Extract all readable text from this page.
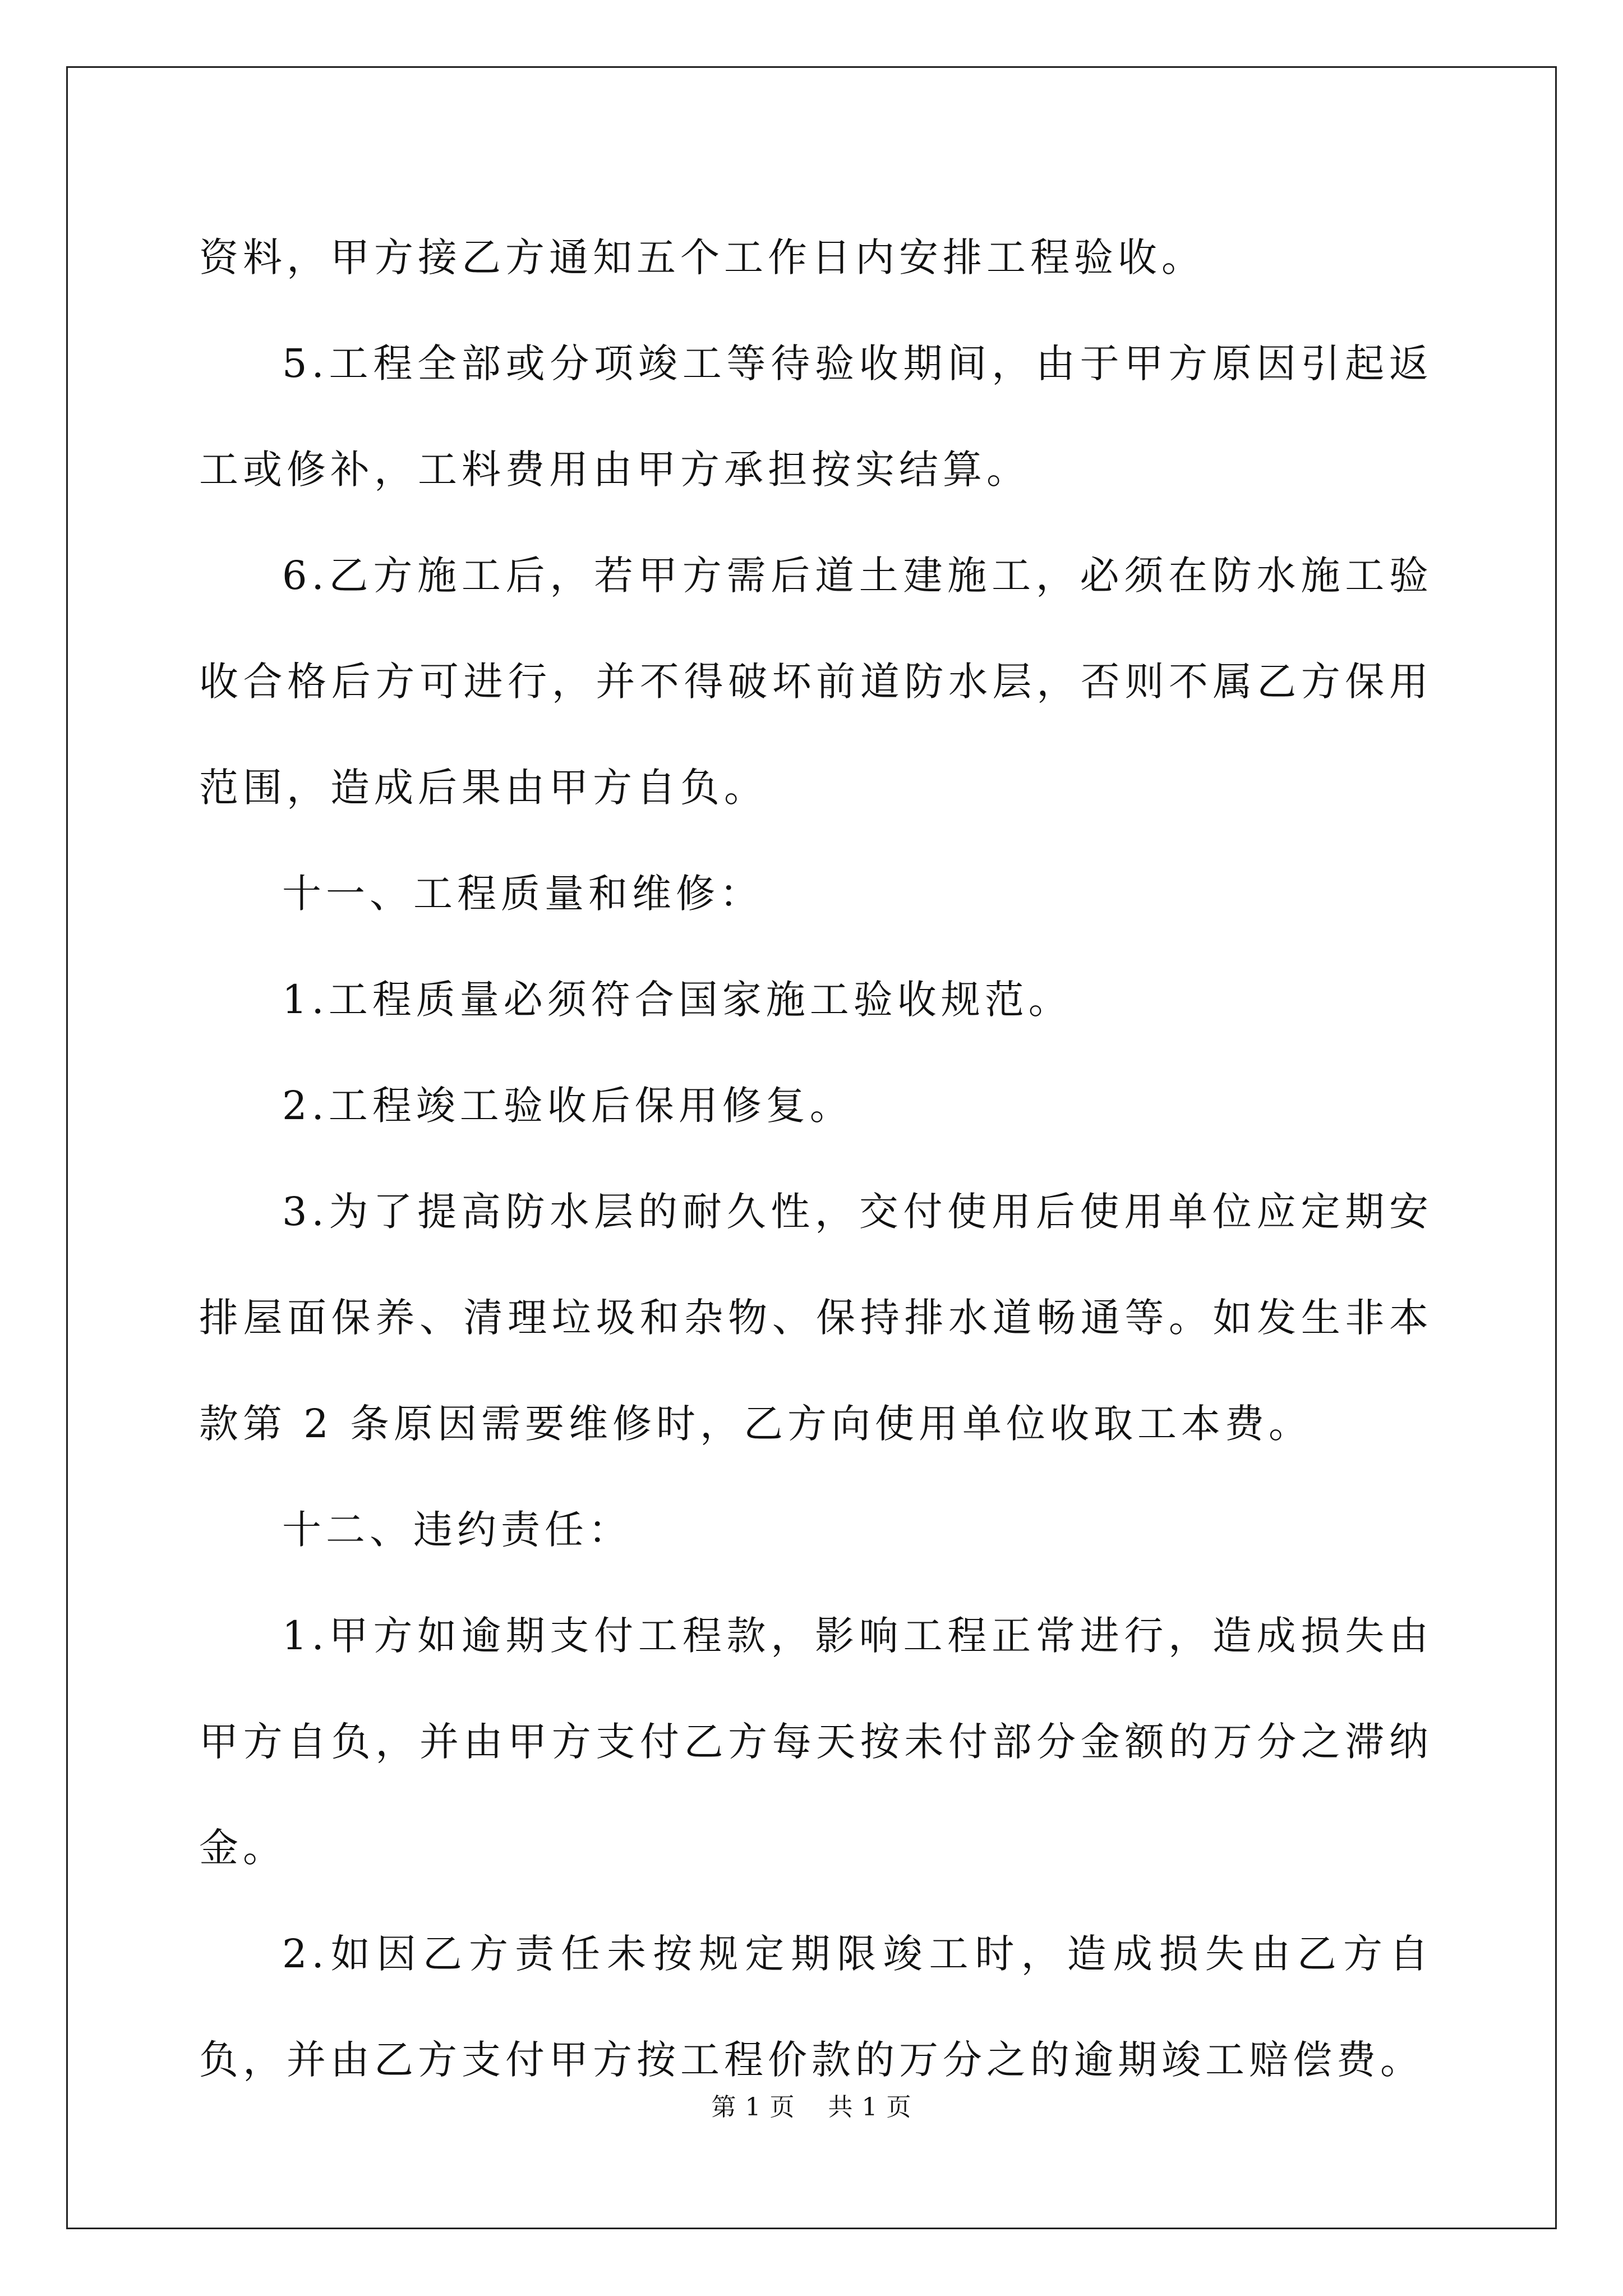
资料，甲方接乙方通知五个工作日内安排工程验收。

5.工程全部或分项竣工等待验收期间，由于甲方原因引起返工或修补，工料费用由甲方承担按实结算。

6.乙方施工后，若甲方需后道土建施工，必须在防水施工验收合格后方可进行，并不得破坏前道防水层，否则不属乙方保用范围，造成后果由甲方自负。

十一、工程质量和维修：

1.工程质量必须符合国家施工验收规范。

2.工程竣工验收后保用修复。

3.为了提高防水层的耐久性，交付使用后使用单位应定期安排屋面保养、清理垃圾和杂物、保持排水道畅通等。如发生非本款第 2 条原因需要维修时，乙方向使用单位收取工本费。

十二、违约责任：

1.甲方如逾期支付工程款，影响工程正常进行，造成损失由甲方自负，并由甲方支付乙方每天按未付部分金额的万分之滞纳金。

2.如因乙方责任未按规定期限竣工时，造成损失由乙方自负，并由乙方支付甲方按工程价款的万分之的逾期竣工赔偿费。

第 1 页 共 1 页
